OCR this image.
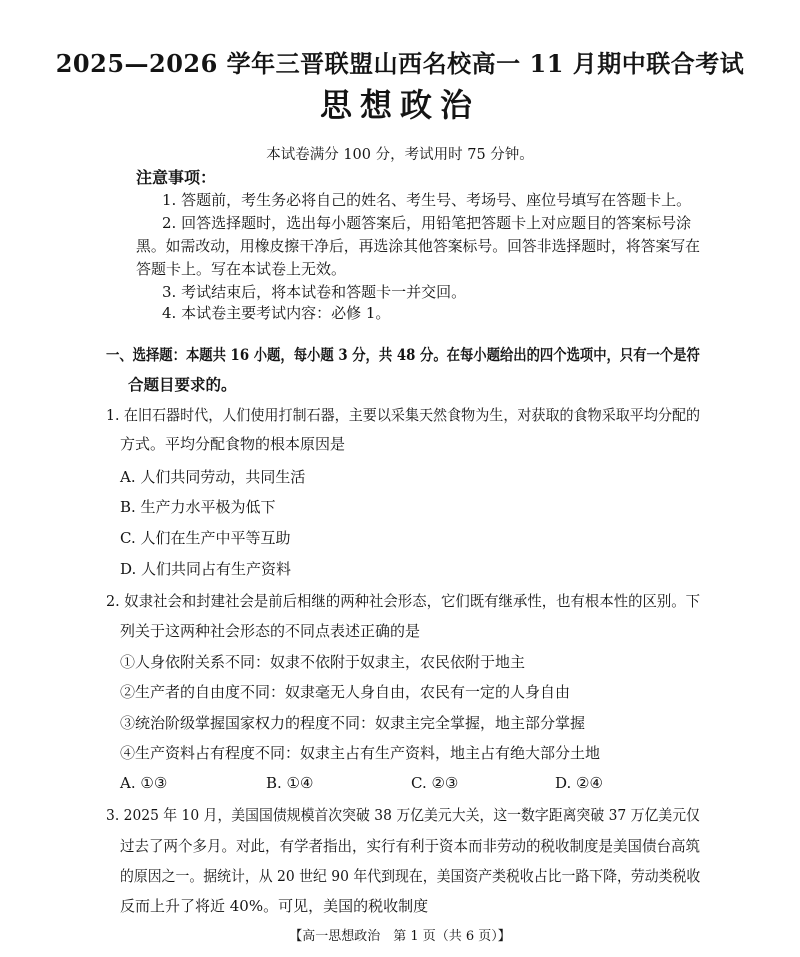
2025—2026 学年三晋联盟山西名校高一 11 月期中联合考试
思想政治
本试卷满分 100 分，考试用时 75 分钟。
注意事项：
1. 答题前，考生务必将自己的姓名、考生号、考场号、座位号填写在答题卡上。
2. 回答选择题时，选出每小题答案后，用铅笔把答题卡上对应题目的答案标号涂
黑。如需改动，用橡皮擦干净后，再选涂其他答案标号。回答非选择题时，将答案写在
答题卡上。写在本试卷上无效。
3. 考试结束后，将本试卷和答题卡一并交回。
4. 本试卷主要考试内容：必修 1。
一、选择题：本题共 16 小题，每小题 3 分，共 48 分。在每小题给出的四个选项中，只有一个是符
合题目要求的。
1. 在旧石器时代，人们使用打制石器，主要以采集天然食物为生，对获取的食物采取平均分配的
方式。平均分配食物的根本原因是
A. 人们共同劳动，共同生活
B. 生产力水平极为低下
C. 人们在生产中平等互助
D. 人们共同占有生产资料
2. 奴隶社会和封建社会是前后相继的两种社会形态，它们既有继承性，也有根本性的区别。下
列关于这两种社会形态的不同点表述正确的是
①人身依附关系不同：奴隶不依附于奴隶主，农民依附于地主
②生产者的自由度不同：奴隶毫无人身自由，农民有一定的人身自由
③统治阶级掌握国家权力的程度不同：奴隶主完全掌握，地主部分掌握
④生产资料占有程度不同：奴隶主占有生产资料，地主占有绝大部分土地
A. ①③	B. ①④	C. ②③	D. ②④
3. 2025 年 10 月，美国国债规模首次突破 38 万亿美元大关，这一数字距离突破 37 万亿美元仅
过去了两个多月。对此，有学者指出，实行有利于资本而非劳动的税收制度是美国债台高筑
的原因之一。据统计，从 20 世纪 90 年代到现在，美国资产类税收占比一路下降，劳动类税收
反而上升了将近 40%。可见，美国的税收制度
【高一思想政治　第 1 页（共 6 页）】
